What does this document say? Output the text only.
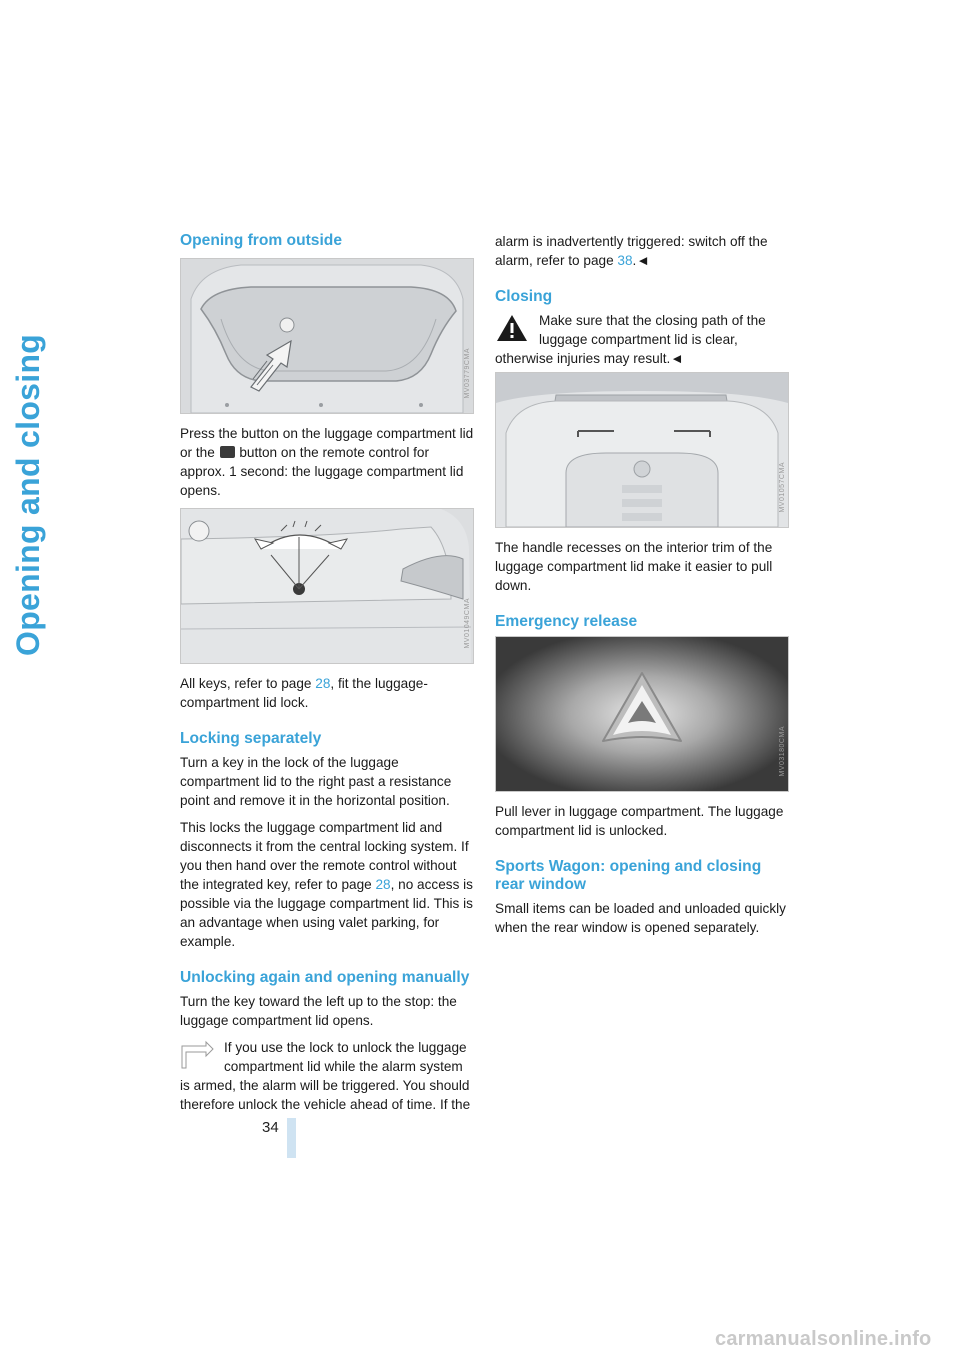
Opening and closing
Opening from outside
MV03779CMA

Press the button on the luggage compartment lid or the button on the remote control for approx. 1 second: the luggage compartment lid opens.

MV01049CMA

All keys, refer to page 28, fit the luggage-compartment lid lock.

Locking separately

Turn a key in the lock of the luggage compartment lid to the right past a resistance point and remove it in the horizontal position.

This locks the luggage compartment lid and disconnects it from the central locking system. If you then hand over the remote control without the integrated key, refer to page 28, no access is possible via the luggage compartment lid. This is an advantage when using valet parking, for example.

Unlocking again and opening manually

Turn the key toward the left up to the stop: the luggage compartment lid opens.

If you use the lock to unlock the luggage compartment lid while the alarm system is armed, the alarm will be triggered. You should therefore unlock the vehicle ahead of time. If the

alarm is inadvertently triggered: switch off the alarm, refer to page 38.◄

Closing

Make sure that the closing path of the luggage compartment lid is clear, otherwise injuries may result.◄

MV01057CMA

The handle recesses on the interior trim of the luggage compartment lid make it easier to pull down.

Emergency release
MV03180CMA

Pull lever in luggage compartment. The luggage compartment lid is unlocked.

Sports Wagon: opening and closing rear window

Small items can be loaded and unloaded quickly when the rear window is opened separately.

34
carmanualsonline.info
